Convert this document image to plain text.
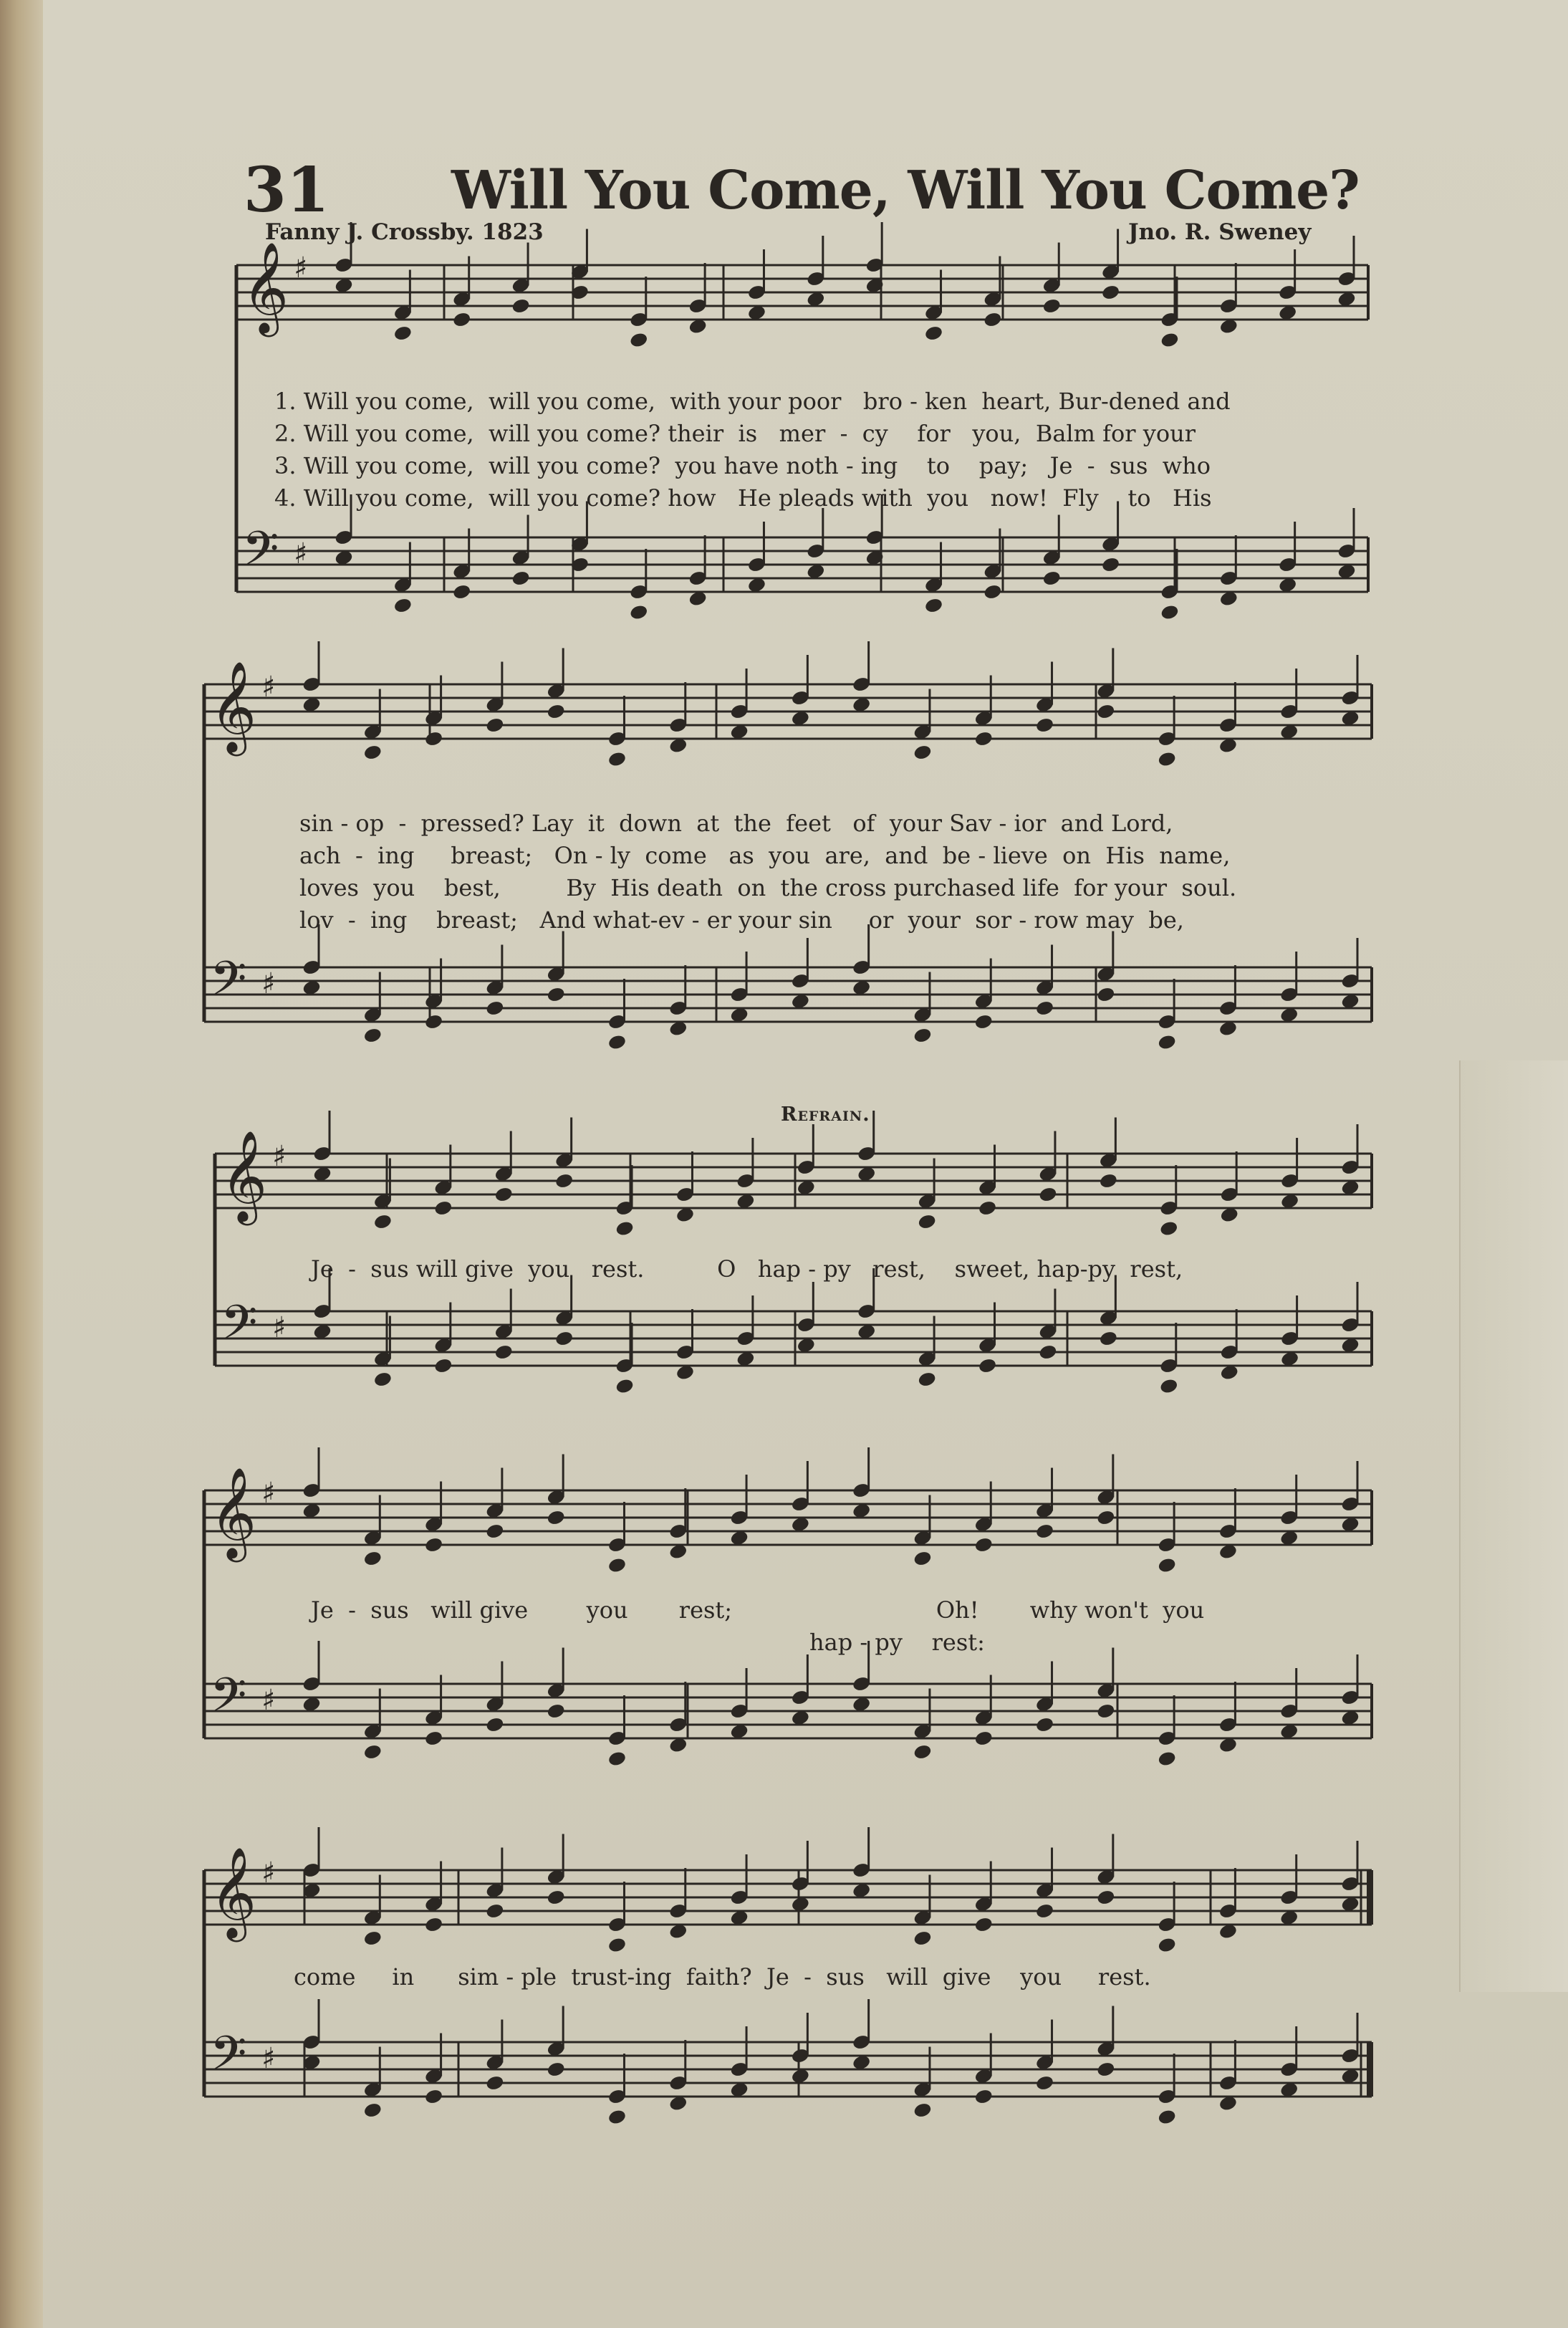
31 Will You Come, Will You Come?
Fanny J. Crossby. 1823	Jno. R. Sweney
Refrain.
𝄞 ♯
𝄢 ♯
𝄞 ♯
𝄢 ♯
𝄞 ♯
𝄢 ♯
𝄞 ♯
𝄢 ♯
𝄞 ♯
𝄢 ♯
1. Will you come,  will you come,  with your poor   bro - ken  heart, Bur-dened and
2. Will you come,  will you come? their  is   mer  -  cy    for   you,  Balm for your
3. Will you come,  will you come?  you have noth - ing    to    pay;   Je  -  sus  who
4. Will you come,  will you come? how   He pleads with  you   now!  Fly    to   His
sin - op  -  pressed? Lay  it  down  at  the  feet   of  your Sav - ior  and Lord,
ach  -  ing     breast;   On - ly  come   as  you  are,  and  be - lieve  on  His  name,
loves  you    best,         By  His death  on  the cross purchased life  for your  soul.
lov  -  ing    breast;   And what-ev - er your sin     or  your  sor - row may  be,
Je  -  sus will give  you   rest.          O   hap - py   rest,    sweet, hap-py  rest,
Je  -  sus   will give        you       rest;                            Oh!       why won't  you
hap - py    rest:
come     in      sim - ple  trust-ing  faith?  Je  -  sus   will  give    you     rest.
